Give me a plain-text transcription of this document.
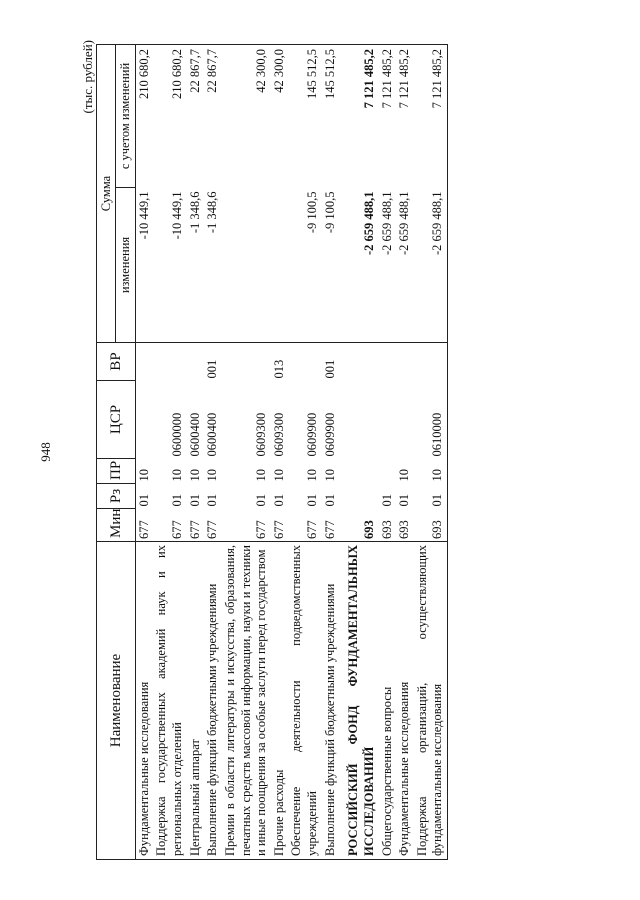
948
(тыс. рублей)
Наименование	Мин	Рз	ПР	ЦСР	ВР	Сумма	
						изменения	с учетом изменений
Фундаментальные исследования	677	01	10			-10 449,1	210 680,2
Поддержка государственных академий наук и их региональных отделений	677	01	10	0600000		-10 449,1	210 680,2
Центральный аппарат	677	01	10	0600400		-1 348,6	22 867,7
Выполнение функций бюджетными учреждениями	677	01	10	0600400	001	-1 348,6	22 867,7
Премии в области литературы и искусства, образования, печатных средств массовой информации, науки и техники и иные поощрения за особые заслуги перед государством	677	01	10	0609300			42 300,0
Прочие расходы	677	01	10	0609300	013		42 300,0
Обеспечение деятельности подведомственных учреждений	677	01	10	0609900		-9 100,5	145 512,5
Выполнение функций бюджетными учреждениями	677	01	10	0609900	001	-9 100,5	145 512,5
РОССИЙСКИЙ ФОНД ФУНДАМЕНТАЛЬНЫХ ИССЛЕДОВАНИЙ	693					-2 659 488,1	7 121 485,2
Общегосударственные вопросы	693	01				-2 659 488,1	7 121 485,2
Фундаментальные исследования	693	01	10			-2 659 488,1	7 121 485,2
Поддержка организаций, осуществляющих фундаментальные исследования	693	01	10	0610000		-2 659 488,1	7 121 485,2
